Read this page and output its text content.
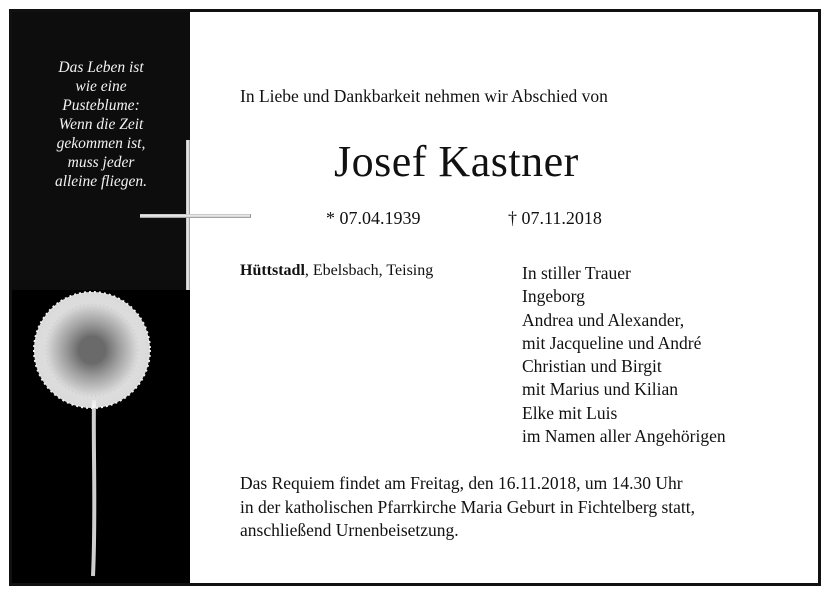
Das Leben ist
wie eine
Pusteblume:
Wenn die Zeit
gekommen ist,
muss jeder
alleine fliegen.
In Liebe und Dankbarkeit nehmen wir Abschied von
Josef Kastner
* 07.04.1939	† 07.11.2018
Hüttstadl, Ebelsbach, Teising	In stiller Trauer
Ingeborg
Andrea und Alexander,
mit Jacqueline und André
Christian und Birgit
mit Marius und Kilian
Elke mit Luis
im Namen aller Angehörigen
Das Requiem findet am Freitag, den 16.11.2018, um 14.30 Uhr
in der katholischen Pfarrkirche Maria Geburt in Fichtelberg statt,
anschließend Urnenbeisetzung.
